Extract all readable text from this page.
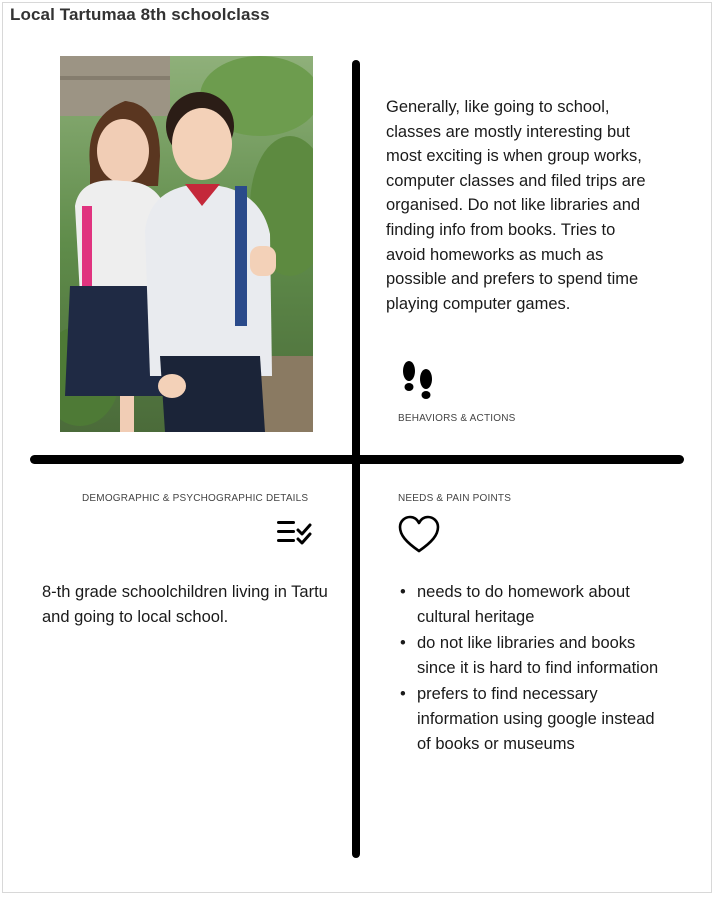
Local Tartumaa 8th schoolclass
Generally, like going to school, classes are mostly interesting but most exciting is when group works, computer classes and filed trips are organised. Do not like libraries and finding info from books. Tries to avoid homeworks as much as possible and prefers to spend time playing computer games.
BEHAVIORS & ACTIONS
DEMOGRAPHIC & PSYCHOGRAPHIC DETAILS
8-th grade schoolchildren living in Tartu and going to local school.
NEEDS & PAIN POINTS
• needs to do homework about cultural heritage
• do not like libraries and books since it is hard to find information
• prefers to find necessary information using google instead of books or museums
